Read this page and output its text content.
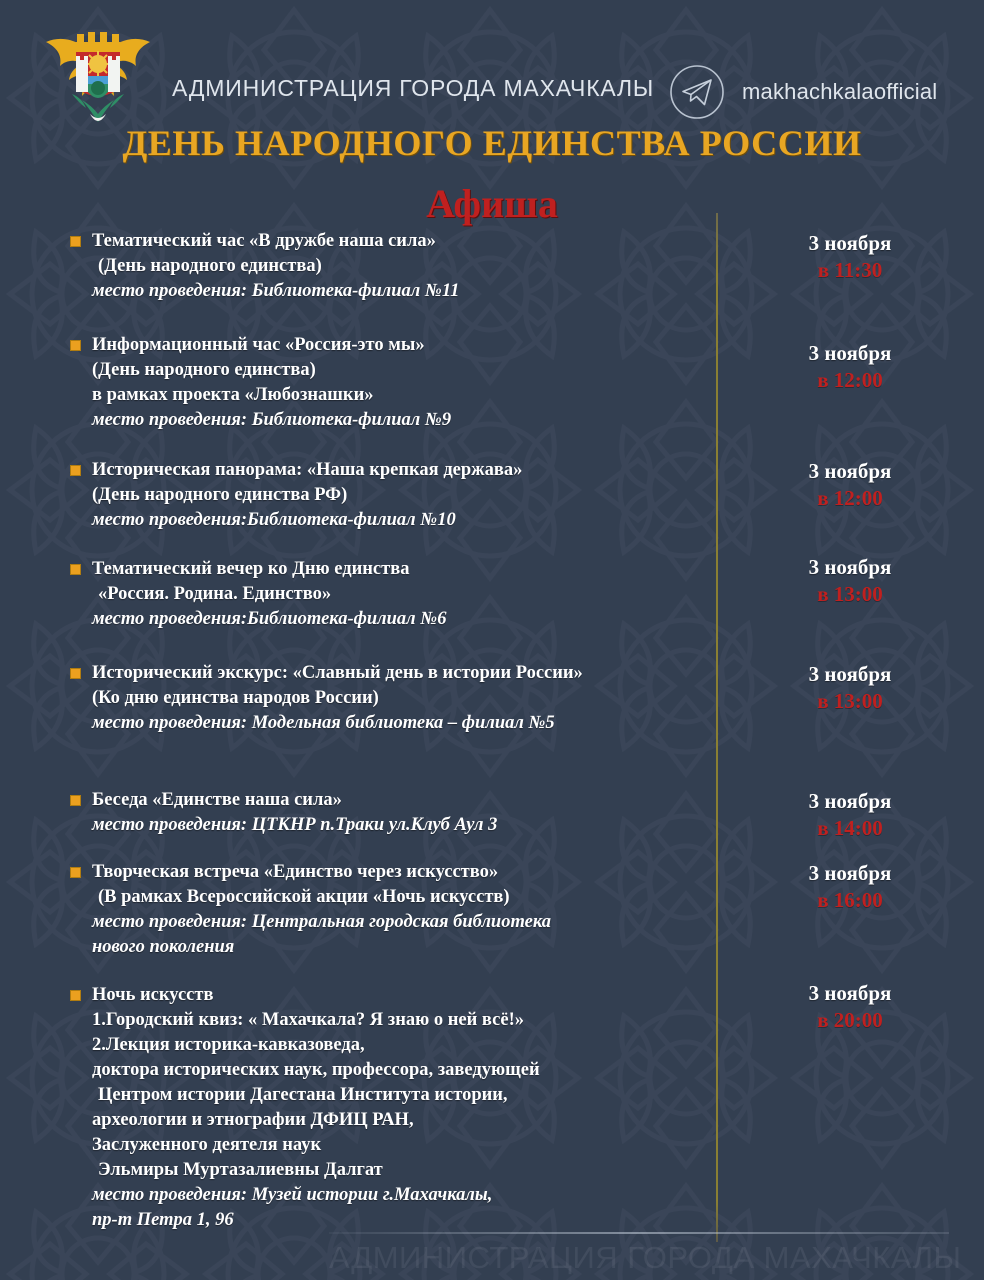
АДМИНИСТРАЦИЯ ГОРОДА МАХАЧКАЛЫ	makhachkalaofficial
ДЕНЬ НАРОДНОГО ЕДИНСТВА РОССИИ
Афиша
Тематический час «В дружбе наша сила»
(День народного единства)
место проведения: Библиотека-филиал №11
Информационный час «Россия-это мы»
(День народного единства)
в рамках проекта «Любознашки»
место проведения: Библиотека-филиал №9
Историческая панорама: «Наша крепкая держава»
(День народного единства РФ)
место проведения:Библиотека-филиал №10
Тематический вечер ко Дню единства
«Россия. Родина. Единство»
место проведения:Библиотека-филиал №6
Исторический экскурс: «Славный день в истории России»
(Ко дню единства народов России)
место проведения: Модельная библиотека – филиал №5
Беседа «Единстве наша сила»
место проведения: ЦТКНР п.Траки ул.Клуб Аул 3
Творческая встреча «Единство через искусство»
(В рамках Всероссийской акции «Ночь искусств)
место проведения: Центральная городская библиотека
нового поколения
Ночь искусств
1.Городский квиз: « Махачкала? Я знаю о ней всё!»
2.Лекция историка-кавказоведа,
доктора исторических наук, профессора, заведующей
Центром истории Дагестана Института истории,
археологии и этнографии ДФИЦ РАН,
Заслуженного деятеля наук
Эльмиры Муртазалиевны Далгат
место проведения: Музей истории г.Махачкалы,
пр-т Петра 1, 96
3 ноября
в 11:30
3 ноября
в 12:00
3 ноября
в 12:00
3 ноября
в 13:00
3 ноября
в 13:00
3 ноября
в 14:00
3 ноября
в 16:00
3 ноября
в 20:00
АДМИНИСТРАЦИЯ ГОРОДА МАХАЧКАЛЫ
